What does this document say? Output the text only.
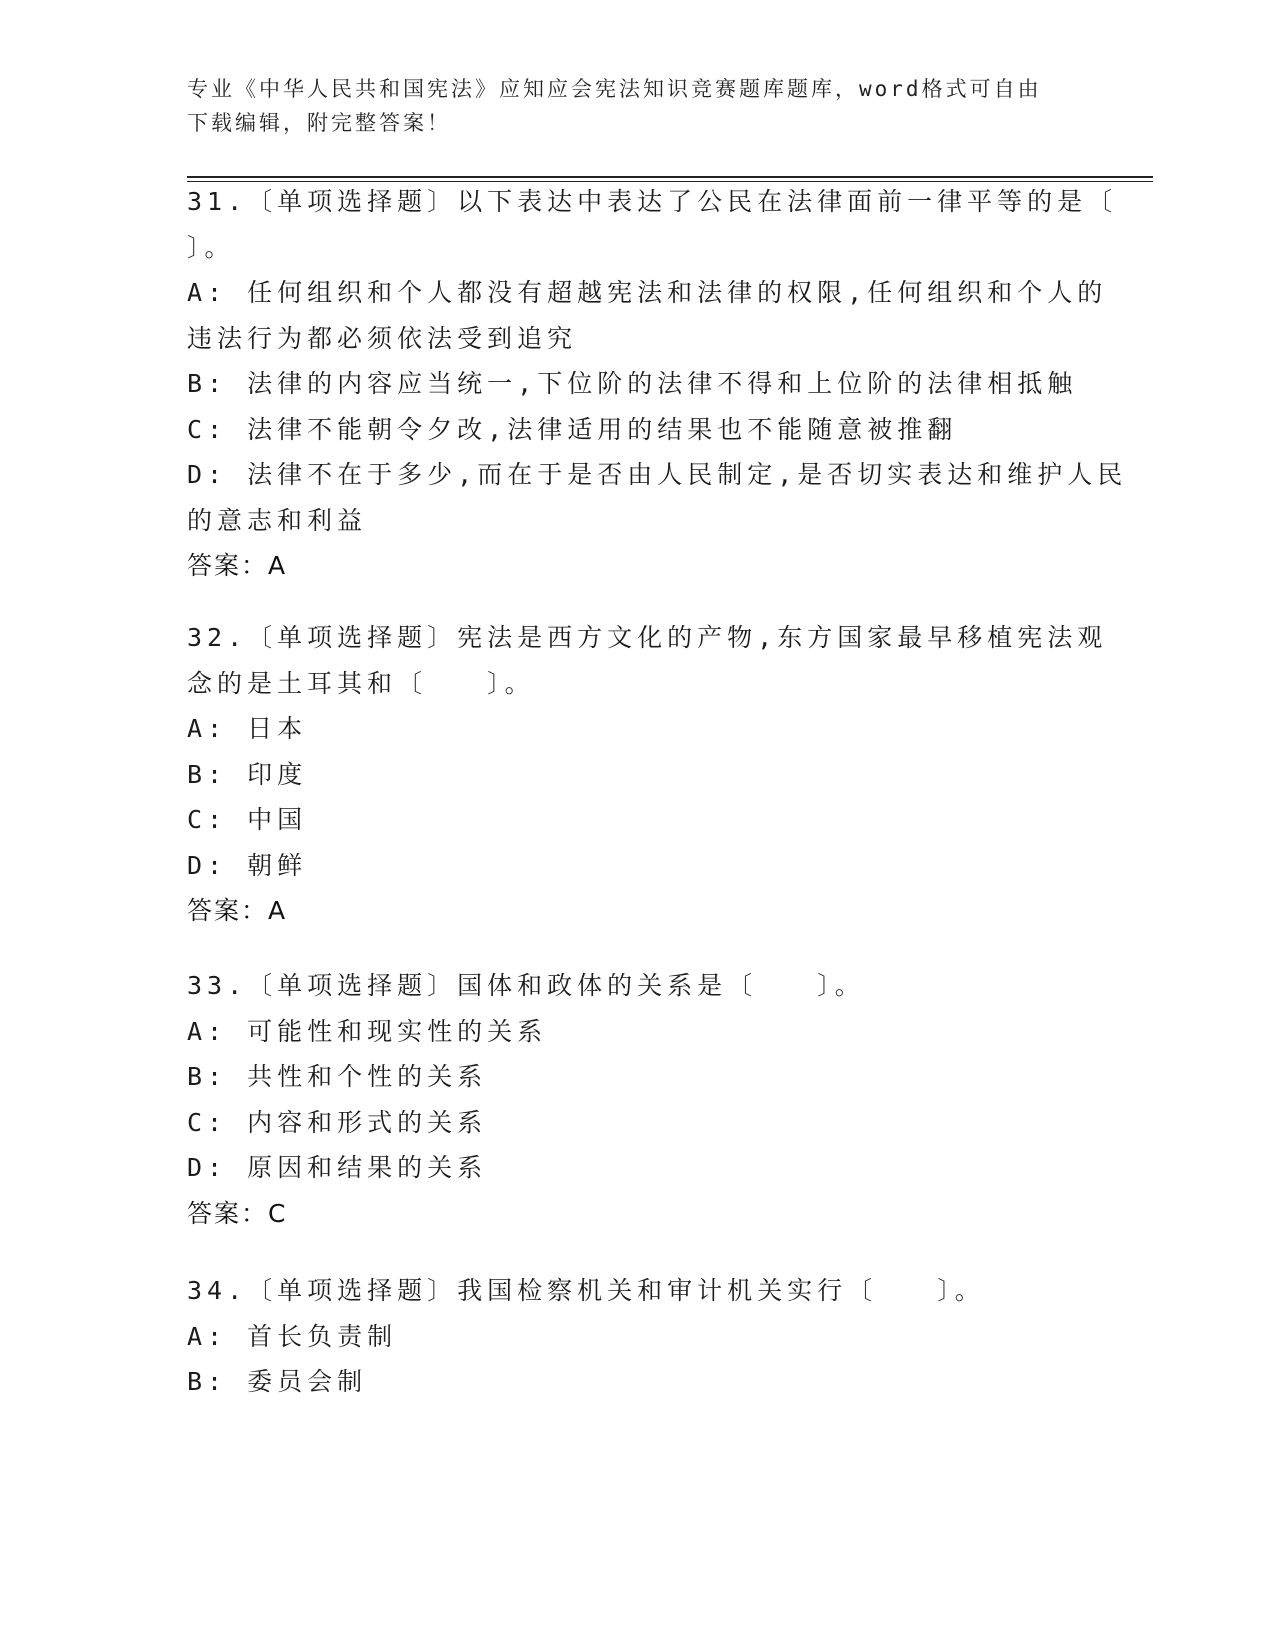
专业《中华人民共和国宪法》应知应会宪法知识竞赛题库题库，word格式可自由
下载编辑，附完整答案！
31.〔单项选择题〕以下表达中表达了公民在法律面前一律平等的是〔
〕。
A: 任何组织和个人都没有超越宪法和法律的权限,任何组织和个人的
违法行为都必须依法受到追究
B: 法律的内容应当统一,下位阶的法律不得和上位阶的法律相抵触
C: 法律不能朝令夕改,法律适用的结果也不能随意被推翻
D: 法律不在于多少,而在于是否由人民制定,是否切实表达和维护人民
的意志和利益
答案：A
32.〔单项选择题〕宪法是西方文化的产物,东方国家最早移植宪法观
念的是土耳其和〔   〕。
A: 日本
B: 印度
C: 中国
D: 朝鲜
答案：A
33.〔单项选择题〕国体和政体的关系是〔   〕。
A: 可能性和现实性的关系
B: 共性和个性的关系
C: 内容和形式的关系
D: 原因和结果的关系
答案：C
34.〔单项选择题〕我国检察机关和审计机关实行〔   〕。
A: 首长负责制
B: 委员会制
